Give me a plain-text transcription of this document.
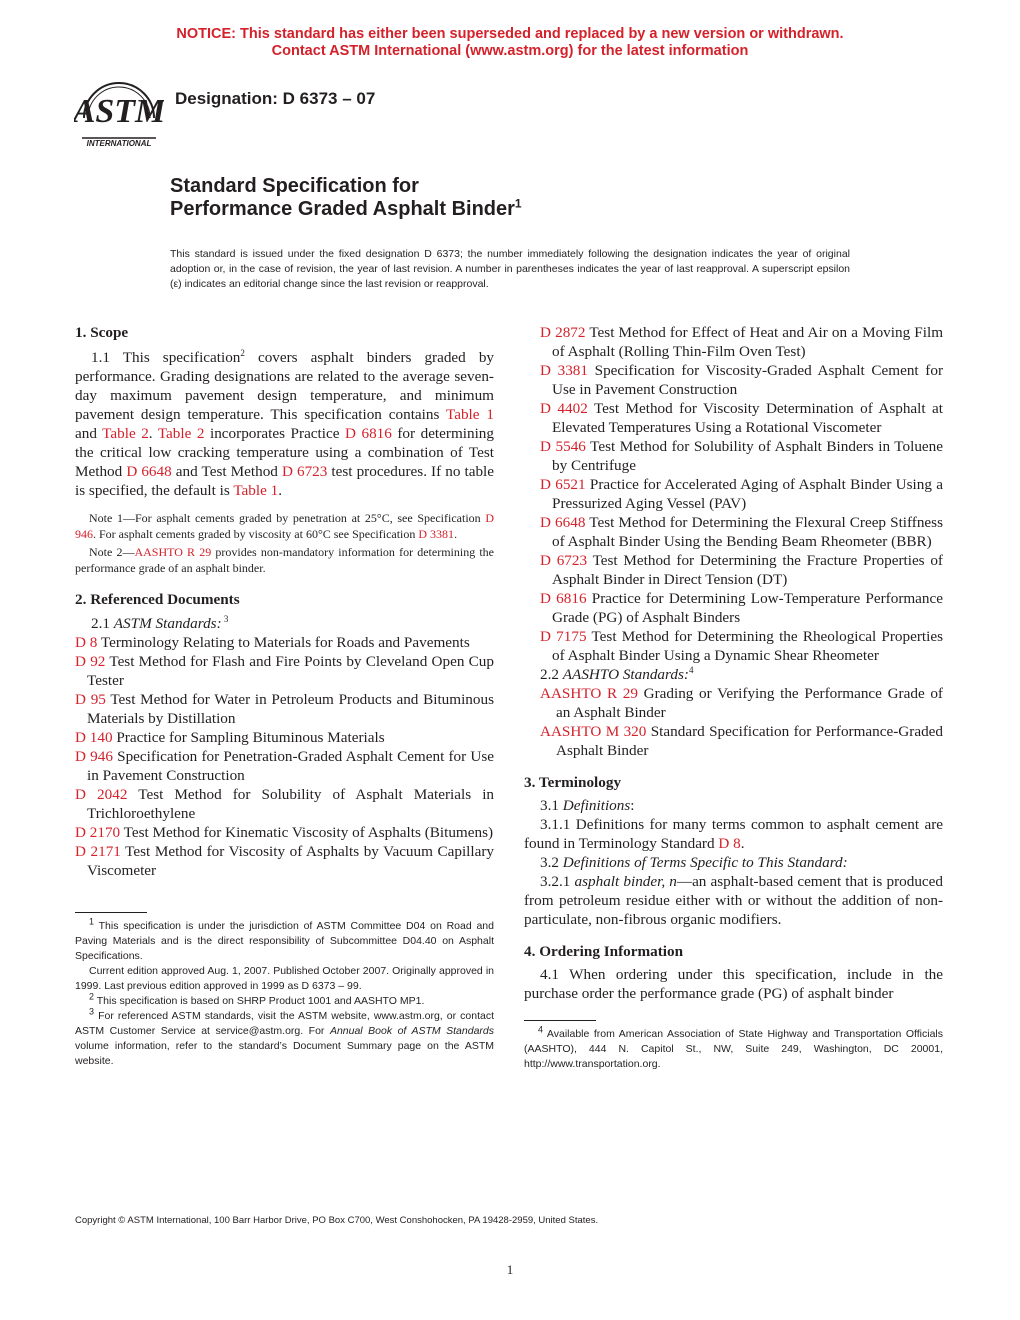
NOTICE: This standard has either been superseded and replaced by a new version or withdrawn.
Contact ASTM International (www.astm.org) for the latest information
ASTM
INTERNATIONAL
Designation: D 6373 – 07
Standard Specification for
Performance Graded Asphalt Binder$^1$
This standard is issued under the fixed designation D 6373; the number immediately following the designation indicates the year of original adoption or, in the case of revision, the year of last revision. A number in parentheses indicates the year of last reapproval. A superscript epsilon (ε) indicates an editorial change since the last revision or reapproval.

1. Scope

1.1 This specification$^2$ covers asphalt binders graded by performance. Grading designations are related to the average seven-day maximum pavement design temperature, and minimum pavement design temperature. This specification contains Table 1 and Table 2. Table 2 incorporates Practice D 6816 for determining the critical low cracking temperature using a combination of Test Method D 6648 and Test Method D 6723 test procedures. If no table is specified, the default is Table 1.

Note 1—For asphalt cements graded by penetration at 25°C, see Specification D 946. For asphalt cements graded by viscosity at 60°C see Specification D 3381.

Note 2—AASHTO R 29 provides non-mandatory information for determining the performance grade of an asphalt binder.

2. Referenced Documents

2.1 ASTM Standards: $^3$

D 8 Terminology Relating to Materials for Roads and Pavements

D 92 Test Method for Flash and Fire Points by Cleveland Open Cup Tester

D 95 Test Method for Water in Petroleum Products and Bituminous Materials by Distillation

D 140 Practice for Sampling Bituminous Materials

D 946 Specification for Penetration-Graded Asphalt Cement for Use in Pavement Construction

D 2042 Test Method for Solubility of Asphalt Materials in Trichloroethylene

D 2170 Test Method for Kinematic Viscosity of Asphalts (Bitumens)

D 2171 Test Method for Viscosity of Asphalts by Vacuum Capillary Viscometer

$^1$ This specification is under the jurisdiction of ASTM Committee D04 on Road and Paving Materials and is the direct responsibility of Subcommittee D04.40 on Asphalt Specifications.

Current edition approved Aug. 1, 2007. Published October 2007. Originally approved in 1999. Last previous edition approved in 1999 as D 6373 – 99.

$^2$ This specification is based on SHRP Product 1001 and AASHTO MP1.

$^3$ For referenced ASTM standards, visit the ASTM website, www.astm.org, or contact ASTM Customer Service at service@astm.org. For Annual Book of ASTM Standards volume information, refer to the standard’s Document Summary page on the ASTM website.

D 2872 Test Method for Effect of Heat and Air on a Moving Film of Asphalt (Rolling Thin-Film Oven Test)

D 3381 Specification for Viscosity-Graded Asphalt Cement for Use in Pavement Construction

D 4402 Test Method for Viscosity Determination of Asphalt at Elevated Temperatures Using a Rotational Viscometer

D 5546 Test Method for Solubility of Asphalt Binders in Toluene by Centrifuge

D 6521 Practice for Accelerated Aging of Asphalt Binder Using a Pressurized Aging Vessel (PAV)

D 6648 Test Method for Determining the Flexural Creep Stiffness of Asphalt Binder Using the Bending Beam Rheometer (BBR)

D 6723 Test Method for Determining the Fracture Properties of Asphalt Binder in Direct Tension (DT)

D 6816 Practice for Determining Low-Temperature Performance Grade (PG) of Asphalt Binders

D 7175 Test Method for Determining the Rheological Properties of Asphalt Binder Using a Dynamic Shear Rheometer

2.2 AASHTO Standards:$^4$

AASHTO R 29 Grading or Verifying the Performance Grade of an Asphalt Binder

AASHTO M 320 Standard Specification for Performance-Graded Asphalt Binder

3. Terminology

3.1 Definitions:

3.1.1 Definitions for many terms common to asphalt cement are found in Terminology Standard D 8.

3.2 Definitions of Terms Specific to This Standard:

3.2.1 asphalt binder, n—an asphalt-based cement that is produced from petroleum residue either with or without the addition of non-particulate, non-fibrous organic modifiers.

4. Ordering Information

4.1 When ordering under this specification, include in the purchase order the performance grade (PG) of asphalt binder

$^4$ Available from American Association of State Highway and Transportation Officials (AASHTO), 444 N. Capitol St., NW, Suite 249, Washington, DC 20001, http://www.transportation.org.

Copyright © ASTM International, 100 Barr Harbor Drive, PO Box C700, West Conshohocken, PA 19428-2959, United States.
1
